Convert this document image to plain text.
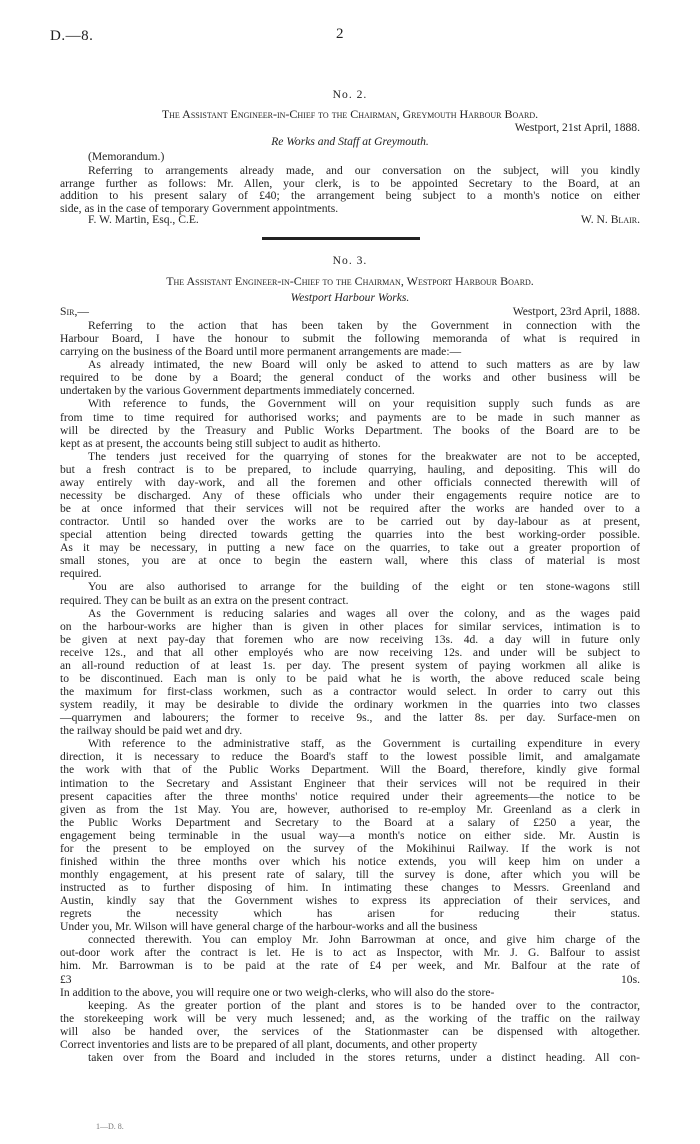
D.—8.	2
No. 2.
The Assistant Engineer-in-Chief to the Chairman, Greymouth Harbour Board.
Westport, 21st April, 1888.
Re Works and Staff at Greymouth.
(Memorandum.)
Referring to arrangements already made, and our conversation on the subject, will you kindly
arrange further as follows: Mr. Allen, your clerk, is to be appointed Secretary to the Board, at an
addition to his present salary of £40; the arrangement being subject to a month's notice on either
side, as in the case of temporary Government appointments.
F. W. Martin, Esq., C.E.	W. N. Blair.
No. 3.
The Assistant Engineer-in-Chief to the Chairman, Westport Harbour Board.
Westport Harbour Works.
Sir,—	Westport, 23rd April, 1888.
Referring to the action that has been taken by the Government in connection with the
Harbour Board, I have the honour to submit the following memoranda of what is required in
carrying on the business of the Board until more permanent arrangements are made:—
As already intimated, the new Board will only be asked to attend to such matters as are by law
required to be done by a Board; the general conduct of the works and other business will be
undertaken by the various Government departments immediately concerned.
With reference to funds, the Government will on your requisition supply such funds as are
from time to time required for authorised works; and payments are to be made in such manner as
will be directed by the Treasury and Public Works Department. The books of the Board are to be
kept as at present, the accounts being still subject to audit as hitherto.
The tenders just received for the quarrying of stones for the breakwater are not to be accepted,
but a fresh contract is to be prepared, to include quarrying, hauling, and depositing. This will do
away entirely with day-work, and all the foremen and other officials connected therewith will of
necessity be discharged. Any of these officials who under their engagements require notice are to
be at once informed that their services will not be required after the works are handed over to a
contractor. Until so handed over the works are to be carried out by day-labour as at present,
special attention being directed towards getting the quarries into the best working-order possible.
As it may be necessary, in putting a new face on the quarries, to take out a greater proportion of
small stones, you are at once to begin the eastern wall, where this class of material is most
required.
You are also authorised to arrange for the building of the eight or ten stone-wagons still
required. They can be built as an extra on the present contract.
As the Government is reducing salaries and wages all over the colony, and as the wages paid
on the harbour-works are higher than is given in other places for similar services, intimation is to
be given at next pay-day that foremen who are now receiving 13s. 4d. a day will in future only
receive 12s., and that all other employés who are now receiving 12s. and under will be subject to
an all-round reduction of at least 1s. per day. The present system of paying workmen all alike is
to be discontinued. Each man is only to be paid what he is worth, the above reduced scale being
the maximum for first-class workmen, such as a contractor would select. In order to carry out this
system readily, it may be desirable to divide the ordinary workmen in the quarries into two classes
—quarrymen and labourers; the former to receive 9s., and the latter 8s. per day. Surface-men on
the railway should be paid wet and dry.
With reference to the administrative staff, as the Government is curtailing expenditure in every
direction, it is necessary to reduce the Board's staff to the lowest possible limit, and amalgamate
the work with that of the Public Works Department. Will the Board, therefore, kindly give formal
intimation to the Secretary and Assistant Engineer that their services will not be required in their
present capacities after the three months' notice required under their agreements—the notice to be
given as from the 1st May. You are, however, authorised to re-employ Mr. Greenland as a clerk in
the Public Works Department and Secretary to the Board at a salary of £250 a year, the
engagement being terminable in the usual way—a month's notice on either side. Mr. Austin is
for the present to be employed on the survey of the Mokihinui Railway. If the work is not
finished within the three months over which his notice extends, you will keep him on under a
monthly engagement, at his present rate of salary, till the survey is done, after which you will be
instructed as to further disposing of him. In intimating these changes to Messrs. Greenland and
Austin, kindly say that the Government wishes to express its appreciation of their services, and
regrets the necessity which has arisen for reducing their status.
Under you, Mr. Wilson will have general charge of the harbour-works and all the business
connected therewith. You can employ Mr. John Barrowman at once, and give him charge of the
out-door work after the contract is let. He is to act as Inspector, with Mr. J. G. Balfour to assist
him. Mr. Barrowman is to be paid at the rate of £4 per week, and Mr. Balfour at the rate of
£3 10s.
In addition to the above, you will require one or two weigh-clerks, who will also do the store-
keeping. As the greater portion of the plant and stores is to be handed over to the contractor,
the storekeeping work will be very much lessened; and, as the working of the traffic on the railway
will also be handed over, the services of the Stationmaster can be dispensed with altogether.
Correct inventories and lists are to be prepared of all plant, documents, and other property
taken over from the Board and included in the stores returns, under a distinct heading. All con-
1—D. 8.
